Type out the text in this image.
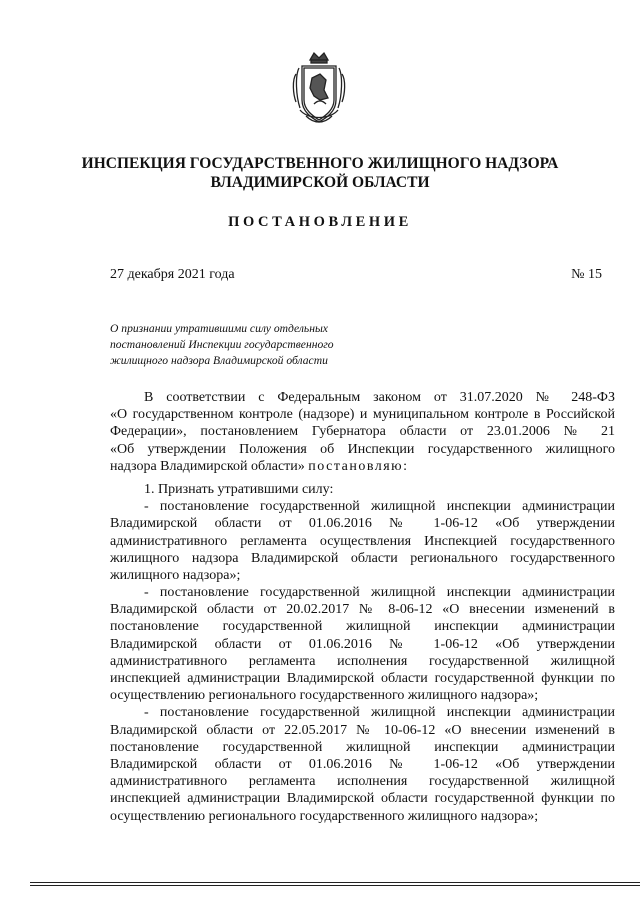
ИНСПЕКЦИЯ ГОСУДАРСТВЕННОГО ЖИЛИЩНОГО НАДЗОРА
ВЛАДИМИРСКОЙ ОБЛАСТИ
ПОСТАНОВЛЕНИЕ
27 декабря 2021 года	№ 15
О признании утратившими силу отдельных
постановлений Инспекции государственного
жилищного надзора Владимирской области
В соответствии с Федеральным законом от 31.07.2020 № 248-ФЗ
«О государственном контроле (надзоре) и муниципальном контроле в Российской
Федерации», постановлением Губернатора области от 23.01.2006 № 21
«Об утверждении Положения об Инспекции государственного жилищного
надзора Владимирской области» постановляю:
1. Признать утратившими силу:
- постановление государственной жилищной инспекции администрации
Владимирской области от 01.06.2016 № 1-06-12 «Об утверждении
административного регламента осуществления Инспекцией государственного
жилищного надзора Владимирской области регионального государственного
жилищного надзора»;
- постановление государственной жилищной инспекции администрации
Владимирской области от 20.02.2017 № 8-06-12 «О внесении изменений в
постановление государственной жилищной инспекции администрации
Владимирской области от 01.06.2016 № 1-06-12 «Об утверждении
административного регламента исполнения государственной жилищной
инспекцией администрации Владимирской области государственной функции по
осуществлению регионального государственного жилищного надзора»;
- постановление государственной жилищной инспекции администрации
Владимирской области от 22.05.2017 № 10-06-12 «О внесении изменений в
постановление государственной жилищной инспекции администрации
Владимирской области от 01.06.2016 № 1-06-12 «Об утверждении
административного регламента исполнения государственной жилищной
инспекцией администрации Владимирской области государственной функции по
осуществлению регионального государственного жилищного надзора»;
